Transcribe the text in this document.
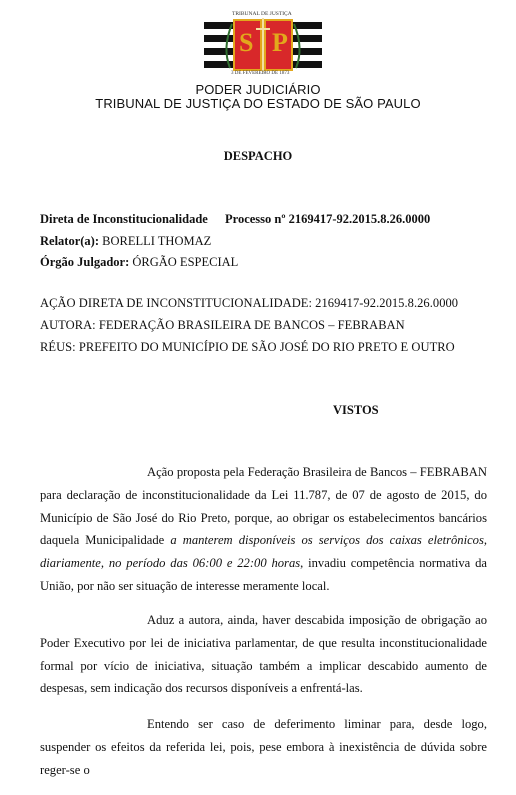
TRIBUNAL DE JUSTIÇA
S P
3 DE FEVEREIRO DE 1873
PODER JUDICIÁRIO
TRIBUNAL DE JUSTIÇA DO ESTADO DE SÃO PAULO
DESPACHO
Direta de Inconstitucionalidade Processo nº 2169417-92.2015.8.26.0000
Relator(a): BORELLI THOMAZ
Órgão Julgador: ÓRGÃO ESPECIAL
AÇÃO DIRETA DE INCONSTITUCIONALIDADE: 2169417-92.2015.8.26.0000
AUTORA: FEDERAÇÃO BRASILEIRA DE BANCOS – FEBRABAN
RÉUS: PREFEITO DO MUNICÍPIO DE SÃO JOSÉ DO RIO PRETO E OUTRO
VISTOS
Ação proposta pela Federação Brasileira de Bancos – FEBRABAN para declaração de inconstitucionalidade da Lei 11.787, de 07 de agosto de 2015, do Município de São José do Rio Preto, porque, ao obrigar os estabelecimentos bancários daquela Municipalidade a manterem disponíveis os serviços dos caixas eletrônicos, diariamente, no período das 06:00 e 22:00 horas, invadiu competência normativa da União, por não ser situação de interesse meramente local.
Aduz a autora, ainda, haver descabida imposição de obrigação ao Poder Executivo por lei de iniciativa parlamentar, de que resulta inconstitucionalidade formal por vício de iniciativa, situação também a implicar descabido aumento de despesas, sem indicação dos recursos disponíveis a enfrentá-las.
Entendo ser caso de deferimento liminar para, desde logo, suspender os efeitos da referida lei, pois, pese embora à inexistência de dúvida sobre reger-se o
